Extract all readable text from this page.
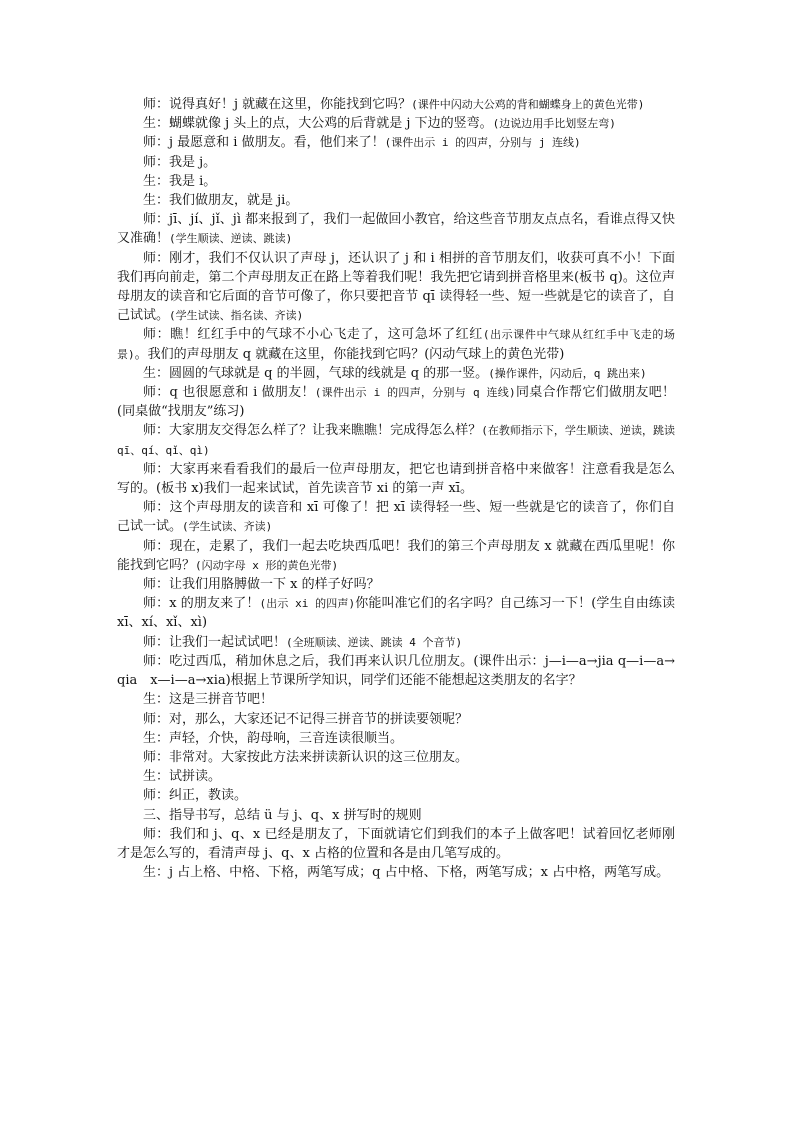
师：说得真好！j 就藏在这里，你能找到它吗？(课件中闪动大公鸡的背和蝴蝶身上的黄色光带)

生：蝴蝶就像 j 头上的点，大公鸡的后背就是 j 下边的竖弯。(边说边用手比划竖左弯)

师：j 最愿意和 i 做朋友。看，他们来了！(课件出示 i 的四声，分别与 j 连线)

师：我是 j。

生：我是 i。

生：我们做朋友，就是 ji。

师：jī、jí、jǐ、jì 都来报到了，我们一起做回小教官，给这些音节朋友点点名，看谁点得又快又准确！(学生顺读、逆读、跳读)

师：刚才，我们不仅认识了声母 j，还认识了 j 和 i 相拼的音节朋友们，收获可真不小！下面我们再向前走，第二个声母朋友正在路上等着我们呢！我先把它请到拼音格里来(板书 q)。这位声母朋友的读音和它后面的音节可像了，你只要把音节 qī 读得轻一些、短一些就是它的读音了，自己试试。(学生试读、指名读、齐读)

师：瞧！红红手中的气球不小心飞走了，这可急坏了红红(出示课件中气球从红红手中飞走的场景)。我们的声母朋友 q 就藏在这里，你能找到它吗？(闪动气球上的黄色光带)

生：圆圆的气球就是 q 的半圆，气球的线就是 q 的那一竖。(操作课件，闪动后，q 跳出来)

师：q 也很愿意和 i 做朋友！(课件出示 i 的四声，分别与 q 连线)同桌合作帮它们做朋友吧！(同桌做“找朋友”练习)

师：大家朋友交得怎么样了？让我来瞧瞧！完成得怎么样？(在教师指示下，学生顺读、逆读，跳读 qī、qí、qǐ、qì)

师：大家再来看看我们的最后一位声母朋友，把它也请到拼音格中来做客！注意看我是怎么写的。(板书 x)我们一起来试试，首先读音节 xi 的第一声 xī。

师：这个声母朋友的读音和 xī 可像了！把 xī 读得轻一些、短一些就是它的读音了，你们自己试一试。(学生试读、齐读)

师：现在，走累了，我们一起去吃块西瓜吧！我们的第三个声母朋友 x 就藏在西瓜里呢！你能找到它吗？(闪动字母 x 形的黄色光带)

师：让我们用胳膊做一下 x 的样子好吗？

师：x 的朋友来了！(出示 xi 的四声)你能叫准它们的名字吗？自己练习一下！(学生自由练读 xī、xí、xǐ、xì)

师：让我们一起试试吧！(全班顺读、逆读、跳读 4 个音节)

师：吃过西瓜，稍加休息之后，我们再来认识几位朋友。(课件出示：j—i—a→jia q—i—a→qia　x—i—a→xia)根据上节课所学知识，同学们还能不能想起这类朋友的名字？

生：这是三拼音节吧！

师：对，那么，大家还记不记得三拼音节的拼读要领呢？

生：声轻，介快，韵母响，三音连读很顺当。

师：非常对。大家按此方法来拼读新认识的这三位朋友。

生：试拼读。

师：纠正，教读。

三、指导书写，总结 ü 与 j、q、x 拼写时的规则

师：我们和 j、q、x 已经是朋友了，下面就请它们到我们的本子上做客吧！试着回忆老师刚才是怎么写的，看清声母 j、q、x 占格的位置和各是由几笔写成的。

生：j 占上格、中格、下格，两笔写成；q 占中格、下格，两笔写成；x 占中格，两笔写成。
